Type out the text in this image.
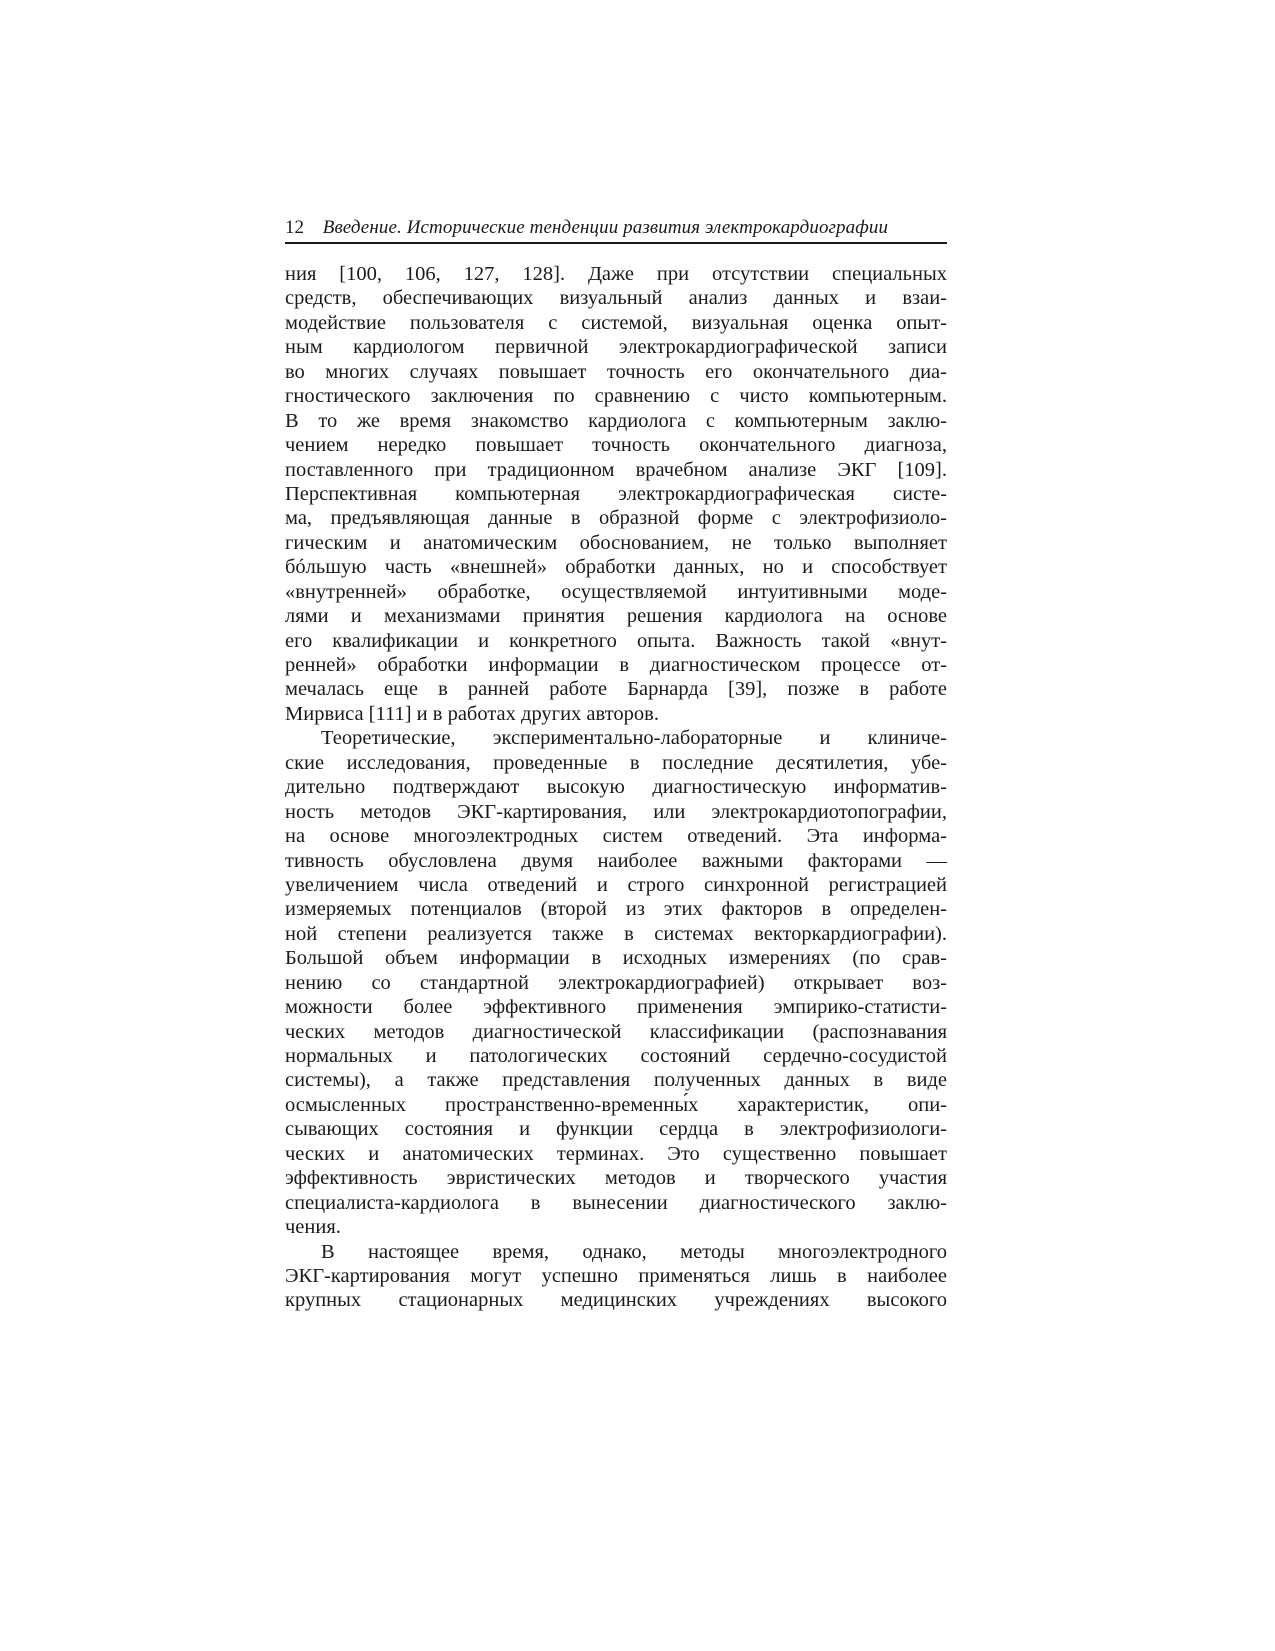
12 Введение. Исторические тенденции развития электрокардиографии
ния [100, 106, 127, 128]. Даже при отсутствии специальных
средств, обеспечивающих визуальный анализ данных и взаи-
модействие пользователя с системой, визуальная оценка опыт-
ным кардиологом первичной электрокардиографической записи
во многих случаях повышает точность его окончательного диа-
гностического заключения по сравнению с чисто компьютерным.
В то же время знакомство кардиолога с компьютерным заклю-
чением нередко повышает точность окончательного диагноза,
поставленного при традиционном врачебном анализе ЭКГ [109].
Перспективная компьютерная электрокардиографическая систе-
ма, предъявляющая данные в образной форме с электрофизиоло-
гическим и анатомическим обоснованием, не только выполняет
бóльшую часть «внешней» обработки данных, но и способствует
«внутренней» обработке, осуществляемой интуитивными моде-
лями и механизмами принятия решения кардиолога на основе
его квалификации и конкретного опыта. Важность такой «внут-
ренней» обработки информации в диагностическом процессе от-
мечалась еще в ранней работе Барнарда [39], позже в работе
Мирвиса [111] и в работах других авторов.
Теоретические, экспериментально-лабораторные и клиниче-
ские исследования, проведенные в последние десятилетия, убе-
дительно подтверждают высокую диагностическую информатив-
ность методов ЭКГ-картирования, или электрокардиотопографии,
на основе многоэлектродных систем отведений. Эта информа-
тивность обусловлена двумя наиболее важными факторами —
увеличением числа отведений и строго синхронной регистрацией
измеряемых потенциалов (второй из этих факторов в определен-
ной степени реализуется также в системах векторкардиографии).
Большой объем информации в исходных измерениях (по срав-
нению со стандартной электрокардиографией) открывает воз-
можности более эффективного применения эмпирико-статисти-
ческих методов диагностической классификации (распознавания
нормальных и патологических состояний сердечно-сосудистой
системы), а также представления полученных данных в виде
осмысленных пространственно-временны́х характеристик, опи-
сывающих состояния и функции сердца в электрофизиологи-
ческих и анатомических терминах. Это существенно повышает
эффективность эвристических методов и творческого участия
специалиста-кардиолога в вынесении диагностического заклю-
чения.
В настоящее время, однако, методы многоэлектродного
ЭКГ-картирования могут успешно применяться лишь в наиболее
крупных стационарных медицинских учреждениях высокого
